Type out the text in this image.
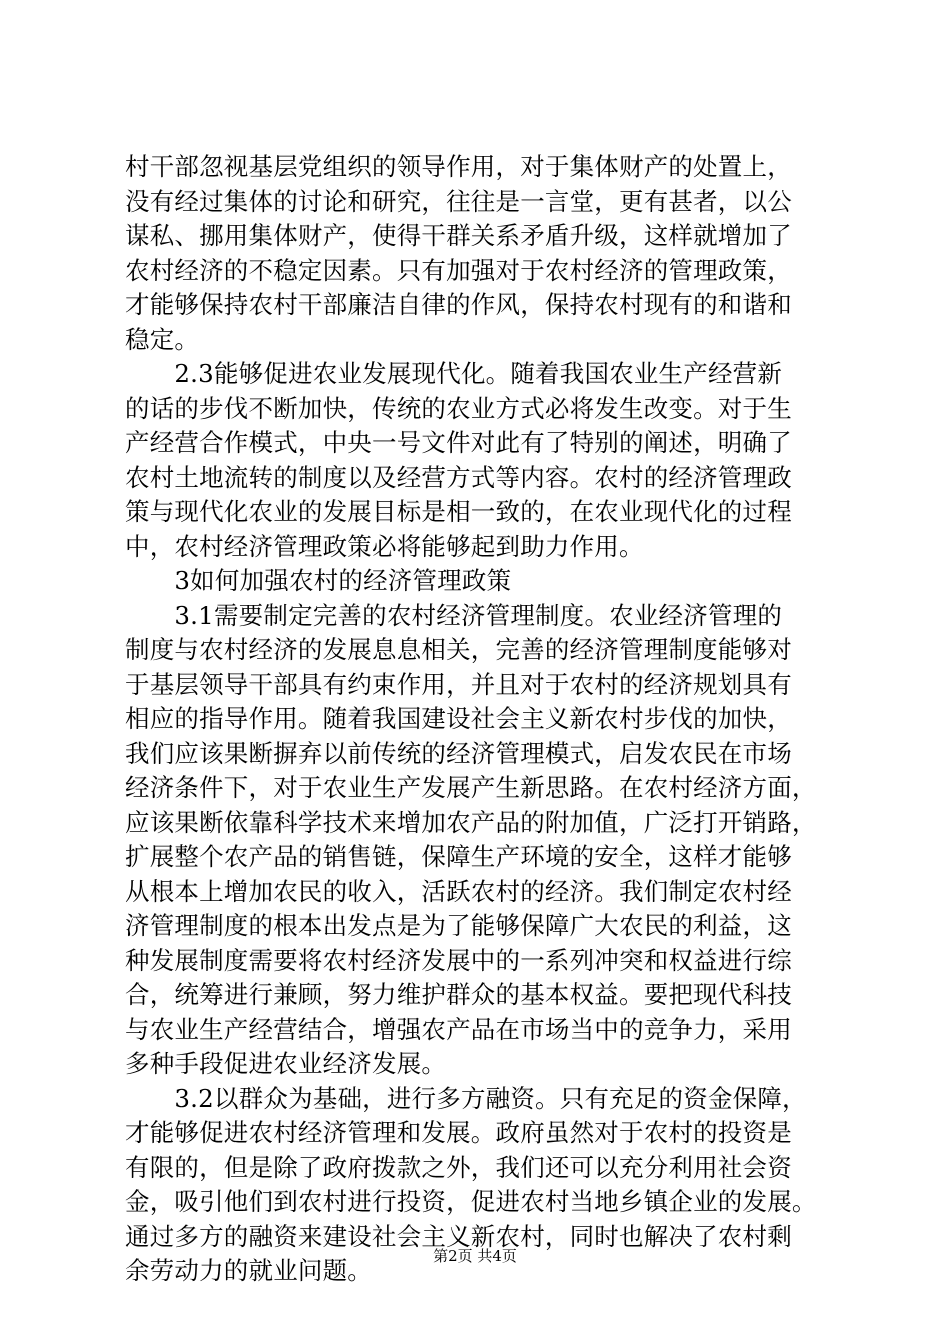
村干部忽视基层党组织的领导作用，对于集体财产的处置上，
没有经过集体的讨论和研究，往往是一言堂，更有甚者，以公
谋私、挪用集体财产，使得干群关系矛盾升级，这样就增加了
农村经济的不稳定因素。只有加强对于农村经济的管理政策，
才能够保持农村干部廉洁自律的作风，保持农村现有的和谐和
稳定。
　　2.3能够促进农业发展现代化。随着我国农业生产经营新
的话的步伐不断加快，传统的农业方式必将发生改变。对于生
产经营合作模式，中央一号文件对此有了特别的阐述，明确了
农村土地流转的制度以及经营方式等内容。农村的经济管理政
策与现代化农业的发展目标是相一致的，在农业现代化的过程
中，农村经济管理政策必将能够起到助力作用。
　　3如何加强农村的经济管理政策
　　3.1需要制定完善的农村经济管理制度。农业经济管理的
制度与农村经济的发展息息相关，完善的经济管理制度能够对
于基层领导干部具有约束作用，并且对于农村的经济规划具有
相应的指导作用。随着我国建设社会主义新农村步伐的加快，
我们应该果断摒弃以前传统的经济管理模式，启发农民在市场
经济条件下，对于农业生产发展产生新思路。在农村经济方面，
应该果断依靠科学技术来增加农产品的附加值，广泛打开销路，
扩展整个农产品的销售链，保障生产环境的安全，这样才能够
从根本上增加农民的收入，活跃农村的经济。我们制定农村经
济管理制度的根本出发点是为了能够保障广大农民的利益，这
种发展制度需要将农村经济发展中的一系列冲突和权益进行综
合，统筹进行兼顾，努力维护群众的基本权益。要把现代科技
与农业生产经营结合，增强农产品在市场当中的竞争力，采用
多种手段促进农业经济发展。
　　3.2以群众为基础，进行多方融资。只有充足的资金保障，
才能够促进农村经济管理和发展。政府虽然对于农村的投资是
有限的，但是除了政府拨款之外，我们还可以充分利用社会资
金，吸引他们到农村进行投资，促进农村当地乡镇企业的发展。
通过多方的融资来建设社会主义新农村，同时也解决了农村剩
余劳动力的就业问题。	第2页 共4页
